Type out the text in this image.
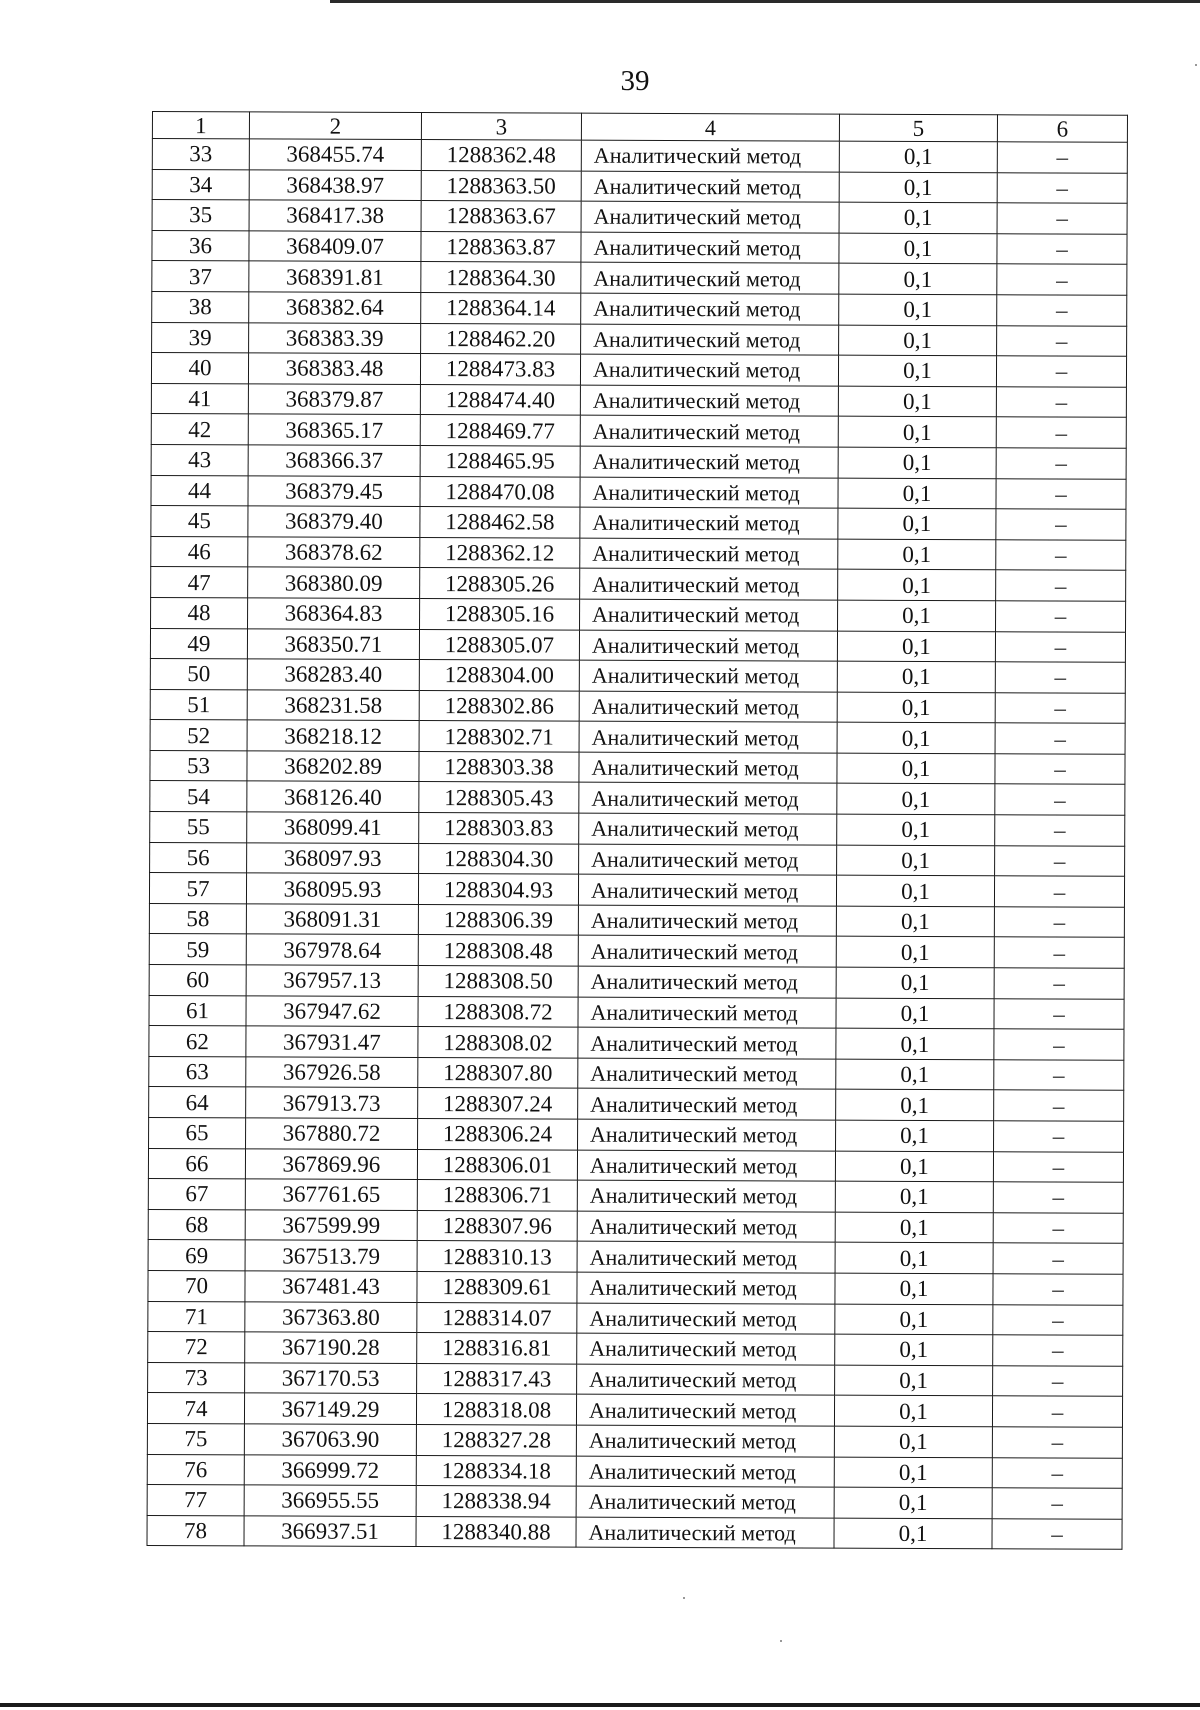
39
1	2	3	4	5	6
33	368455.74	1288362.48	Аналитический метод	0,1	–
34	368438.97	1288363.50	Аналитический метод	0,1	–
35	368417.38	1288363.67	Аналитический метод	0,1	–
36	368409.07	1288363.87	Аналитический метод	0,1	–
37	368391.81	1288364.30	Аналитический метод	0,1	–
38	368382.64	1288364.14	Аналитический метод	0,1	–
39	368383.39	1288462.20	Аналитический метод	0,1	–
40	368383.48	1288473.83	Аналитический метод	0,1	–
41	368379.87	1288474.40	Аналитический метод	0,1	–
42	368365.17	1288469.77	Аналитический метод	0,1	–
43	368366.37	1288465.95	Аналитический метод	0,1	–
44	368379.45	1288470.08	Аналитический метод	0,1	–
45	368379.40	1288462.58	Аналитический метод	0,1	–
46	368378.62	1288362.12	Аналитический метод	0,1	–
47	368380.09	1288305.26	Аналитический метод	0,1	–
48	368364.83	1288305.16	Аналитический метод	0,1	–
49	368350.71	1288305.07	Аналитический метод	0,1	–
50	368283.40	1288304.00	Аналитический метод	0,1	–
51	368231.58	1288302.86	Аналитический метод	0,1	–
52	368218.12	1288302.71	Аналитический метод	0,1	–
53	368202.89	1288303.38	Аналитический метод	0,1	–
54	368126.40	1288305.43	Аналитический метод	0,1	–
55	368099.41	1288303.83	Аналитический метод	0,1	–
56	368097.93	1288304.30	Аналитический метод	0,1	–
57	368095.93	1288304.93	Аналитический метод	0,1	–
58	368091.31	1288306.39	Аналитический метод	0,1	–
59	367978.64	1288308.48	Аналитический метод	0,1	–
60	367957.13	1288308.50	Аналитический метод	0,1	–
61	367947.62	1288308.72	Аналитический метод	0,1	–
62	367931.47	1288308.02	Аналитический метод	0,1	–
63	367926.58	1288307.80	Аналитический метод	0,1	–
64	367913.73	1288307.24	Аналитический метод	0,1	–
65	367880.72	1288306.24	Аналитический метод	0,1	–
66	367869.96	1288306.01	Аналитический метод	0,1	–
67	367761.65	1288306.71	Аналитический метод	0,1	–
68	367599.99	1288307.96	Аналитический метод	0,1	–
69	367513.79	1288310.13	Аналитический метод	0,1	–
70	367481.43	1288309.61	Аналитический метод	0,1	–
71	367363.80	1288314.07	Аналитический метод	0,1	–
72	367190.28	1288316.81	Аналитический метод	0,1	–
73	367170.53	1288317.43	Аналитический метод	0,1	–
74	367149.29	1288318.08	Аналитический метод	0,1	–
75	367063.90	1288327.28	Аналитический метод	0,1	–
76	366999.72	1288334.18	Аналитический метод	0,1	–
77	366955.55	1288338.94	Аналитический метод	0,1	–
78	366937.51	1288340.88	Аналитический метод	0,1	–
